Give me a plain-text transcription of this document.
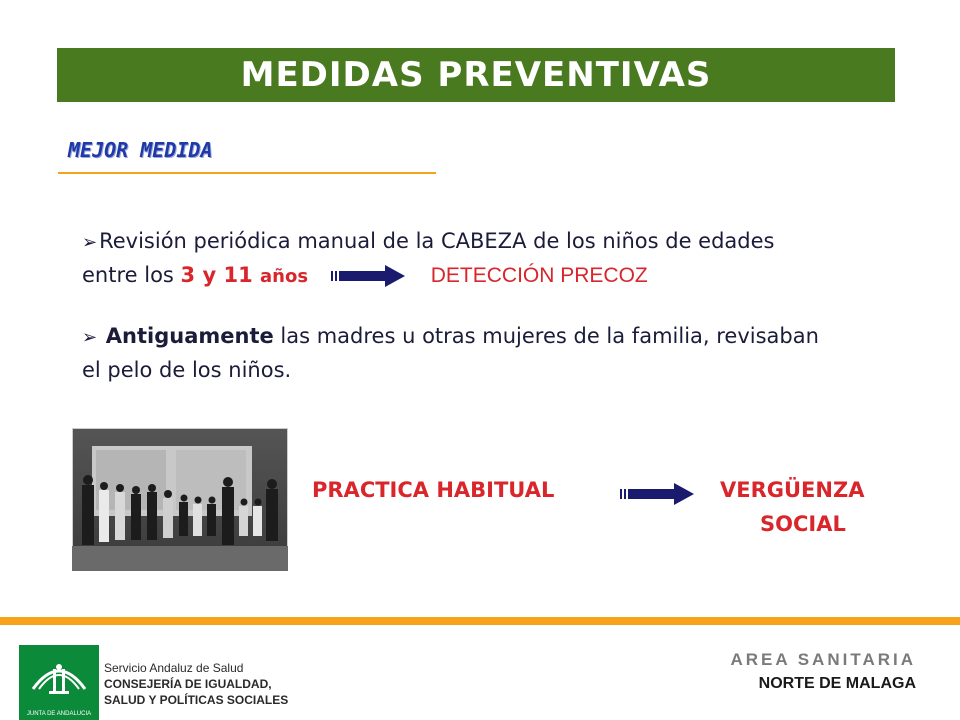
MEDIDAS PREVENTIVAS
MEJOR MEDIDA
➢Revisión periódica manual de la CABEZA de los niños de edades
entre los 3 y 11 años	DETECCIÓN PRECOZ
➢ Antiguamente las madres u otras mujeres de la familia, revisaban
el pelo de los niños.
PRACTICA HABITUAL	VERGÜENZA
SOCIAL
JUNTA DE ANDALUCIA
Servicio Andaluz de Salud
CONSEJERÍA DE IGUALDAD,
SALUD Y POLÍTICAS SOCIALES
AREA SANITARIA
NORTE DE MALAGA
